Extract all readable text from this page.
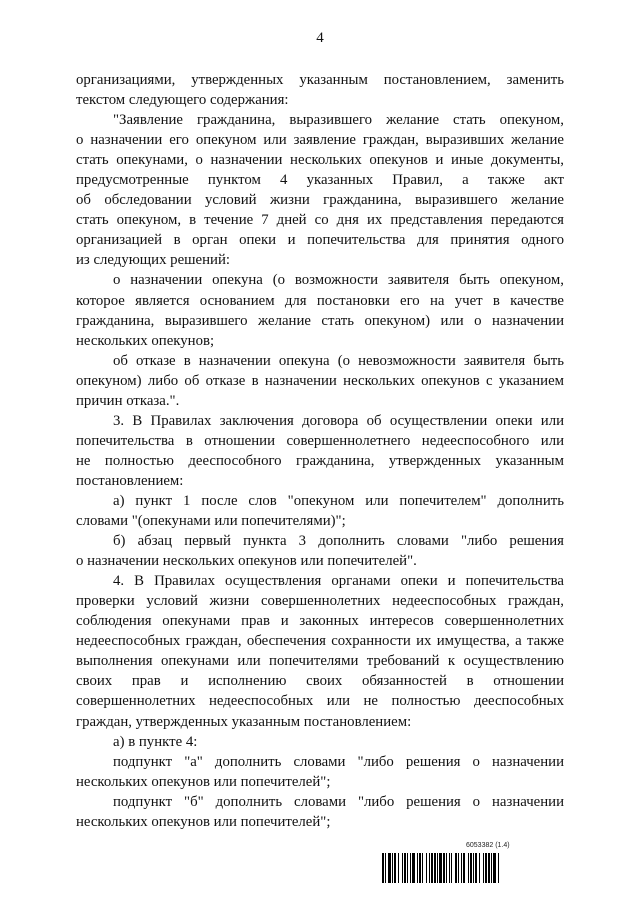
4
организациями, утвержденных указанным постановлением, заменить
текстом следующего содержания:
"Заявление гражданина, выразившего желание стать опекуном,
о назначении его опекуном или заявление граждан, выразивших желание
стать опекунами, о назначении нескольких опекунов и иные документы,
предусмотренные пунктом 4 указанных Правил, а также акт
об обследовании условий жизни гражданина, выразившего желание
стать опекуном, в течение 7 дней со дня их представления передаются
организацией в орган опеки и попечительства для принятия одного
из следующих решений:
о назначении опекуна (о возможности заявителя быть опекуном,
которое является основанием для постановки его на учет в качестве
гражданина, выразившего желание стать опекуном) или о назначении
нескольких опекунов;
об отказе в назначении опекуна (о невозможности заявителя быть
опекуном) либо об отказе в назначении нескольких опекунов с указанием
причин отказа.".
3. В Правилах заключения договора об осуществлении опеки или
попечительства в отношении совершеннолетнего недееспособного или
не полностью дееспособного гражданина, утвержденных указанным
постановлением:
а) пункт 1 после слов "опекуном или попечителем" дополнить
словами "(опекунами или попечителями)";
б) абзац первый пункта 3 дополнить словами "либо решения
о назначении нескольких опекунов или попечителей".
4. В Правилах осуществления органами опеки и попечительства
проверки условий жизни совершеннолетних недееспособных граждан,
соблюдения опекунами прав и законных интересов совершеннолетних
недееспособных граждан, обеспечения сохранности их имущества, а также
выполнения опекунами или попечителями требований к осуществлению
своих прав и исполнению своих обязанностей в отношении
совершеннолетних недееспособных или не полностью дееспособных
граждан, утвержденных указанным постановлением:
а) в пункте 4:
подпункт "а" дополнить словами "либо решения о назначении
нескольких опекунов или попечителей";
подпункт "б" дополнить словами "либо решения о назначении
нескольких опекунов или попечителей";
6053382 (1.4)
